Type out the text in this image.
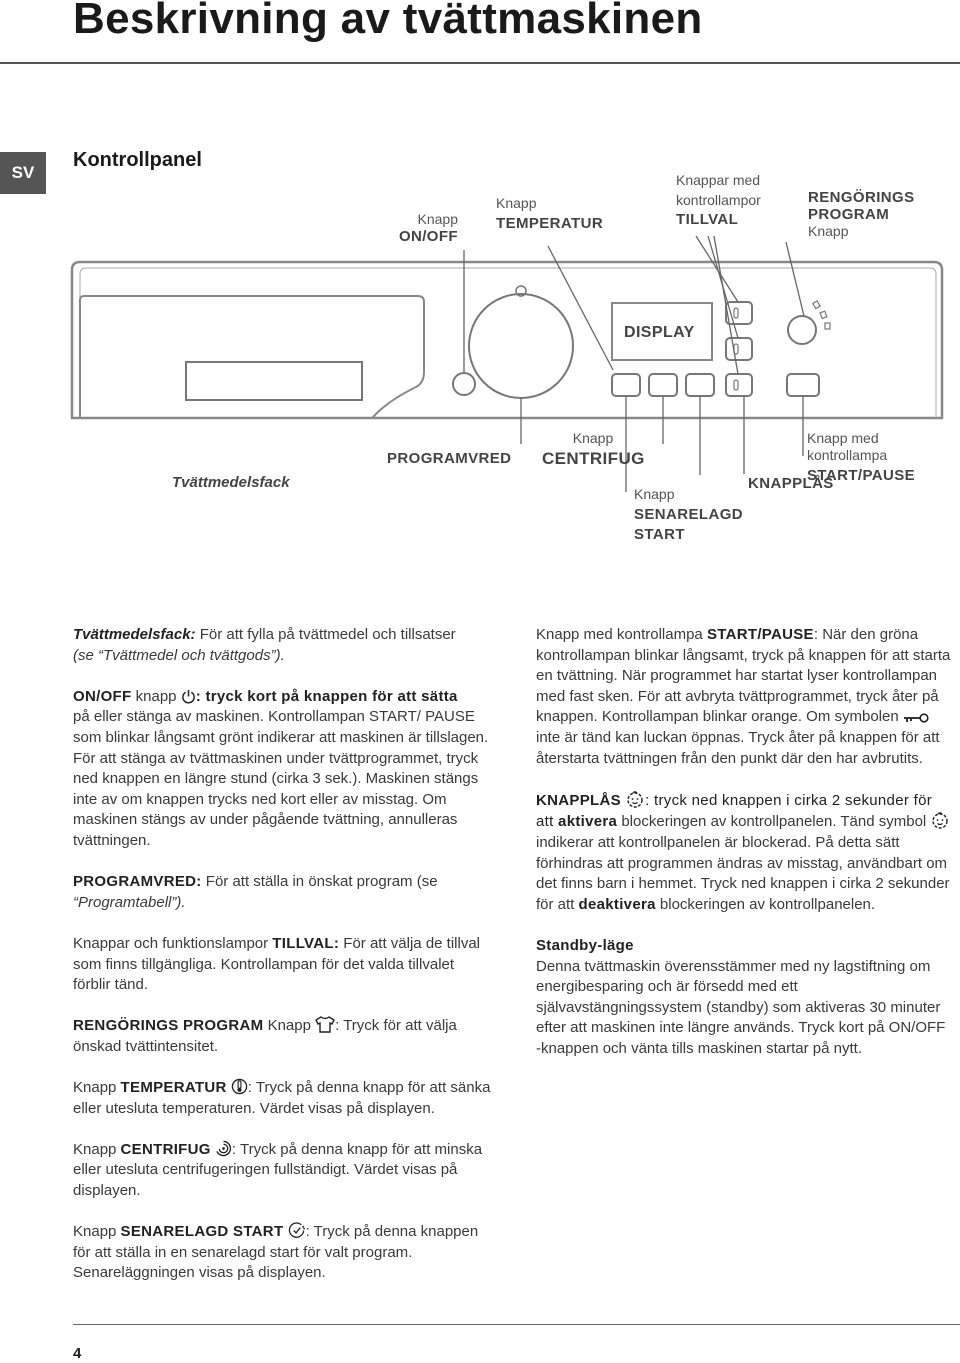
Beskrivning av tvättmaskinen
SV
Kontrollpanel
Knapp
ON/OFF
Knapp
TEMPERATUR
Knappar med
kontrollampor
TILLVAL
RENGÖRINGS
PROGRAM
Knapp
DISPLAY
Tvättmedelsfack
PROGRAMVRED
Knapp
CENTRIFUG
Knapp
SENARELAGD
START
KNAPPLÅS
Knapp med kontrollampa
START/PAUSE

Tvättmedelsfack: För att fylla på tvättmedel och tillsatser
(se “Tvättmedel och tvättgods”).

ON/OFF knapp : tryck kort på knappen för att sätta
på eller stänga av maskinen. Kontrollampan START/ PAUSE som blinkar långsamt grönt indikerar att maskinen är tillslagen. För att stänga av tvättmaskinen under tvättprogrammet, tryck ned knappen en längre stund (cirka 3 sek.). Maskinen stängs inte av om knappen trycks ned kort eller av misstag. Om maskinen stängs av under pågående tvättning, annulleras tvättningen.

PROGRAMVRED: För att ställa in önskat program (se
“Programtabell”).

Knappar och funktionslampor TILLVAL: För att välja de tillval som finns tillgängliga. Kontrollampan för det valda tillvalet förblir tänd.

RENGÖRINGS PROGRAM Knapp : Tryck för att välja önskad tvättintensitet.

Knapp TEMPERATUR : Tryck på denna knapp för att sänka eller utesluta temperaturen. Värdet visas på displayen.

Knapp CENTRIFUG : Tryck på denna knapp för att minska eller utesluta centrifugeringen fullständigt. Värdet visas på displayen.

Knapp SENARELAGD START : Tryck på denna knappen för att ställa in en senarelagd start för valt program. Senareläggningen visas på displayen.

Knapp med kontrollampa START/PAUSE: När den gröna kontrollampan blinkar långsamt, tryck på knappen för att starta en tvättning. När programmet har startat lyser kontrollampan med fast sken. För att avbryta tvättprogrammet, tryck åter på knappen. Kontrollampan blinkar orange. Om symbolen  inte är tänd kan luckan öppnas. Tryck åter på knappen för att återstarta tvättningen från den punkt där den har avbrutits.

KNAPPLÅS : tryck ned knappen i cirka 2 sekunder för att aktivera blockeringen av kontrollpanelen. Tänd symbol  indikerar att kontrollpanelen är blockerad. På detta sätt förhindras att programmen ändras av misstag, användbart om det finns barn i hemmet. Tryck ned knappen i cirka 2 sekunder för att deaktivera blockeringen av kontrollpanelen.

Standby-läge
Denna tvättmaskin överensstämmer med ny lagstiftning om energibesparing och är försedd med ett självavstängningssystem (standby) som aktiveras 30 minuter efter att maskinen inte längre används. Tryck kort på ON/OFF -knappen och vänta tills maskinen startar på nytt.

4
